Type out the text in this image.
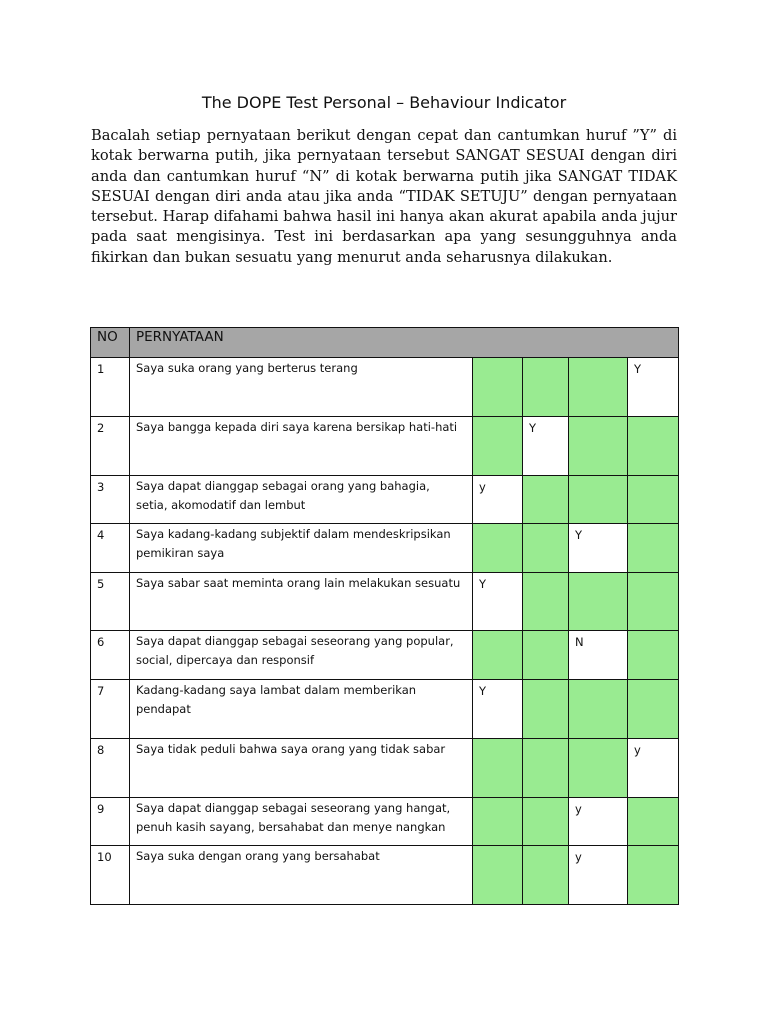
The DOPE Test Personal – Behaviour Indicator
Bacalah setiap pernyataan berikut dengan cepat dan cantumkan huruf ”Y” di kotak berwarna putih, jika pernyataan tersebut SANGAT SESUAI dengan diri anda dan cantumkan huruf “N” di kotak berwarna putih jika SANGAT TIDAK SESUAI dengan diri anda atau jika anda “TIDAK SETUJU” dengan pernyataan tersebut. Harap difahami bahwa hasil ini hanya akan akurat apabila anda jujur pada saat mengisinya. Test ini berdasarkan apa yang sesungguhnya anda fikirkan dan bukan sesuatu yang menurut anda seharusnya dilakukan.
NO	PERNYATAAN				
1	Saya suka orang yang berterus terang				Y
2	Saya bangga kepada diri saya karena bersikap hati-hati		Y		
3	Saya dapat dianggap sebagai orang yang bahagia, setia, akomodatif dan lembut	y			
4	Saya kadang-kadang subjektif dalam mendeskripsikan pemikiran saya			Y	
5	Saya sabar saat meminta orang lain melakukan sesuatu	Y			
6	Saya dapat dianggap sebagai seseorang yang popular, social, dipercaya dan responsif			N	
7	Kadang-kadang saya lambat dalam memberikan pendapat	Y			
8	Saya tidak peduli bahwa saya orang yang tidak sabar				y
9	Saya dapat dianggap sebagai seseorang yang hangat, penuh kasih sayang, bersahabat dan menye nangkan			y	
10	Saya suka dengan orang yang bersahabat			y	
